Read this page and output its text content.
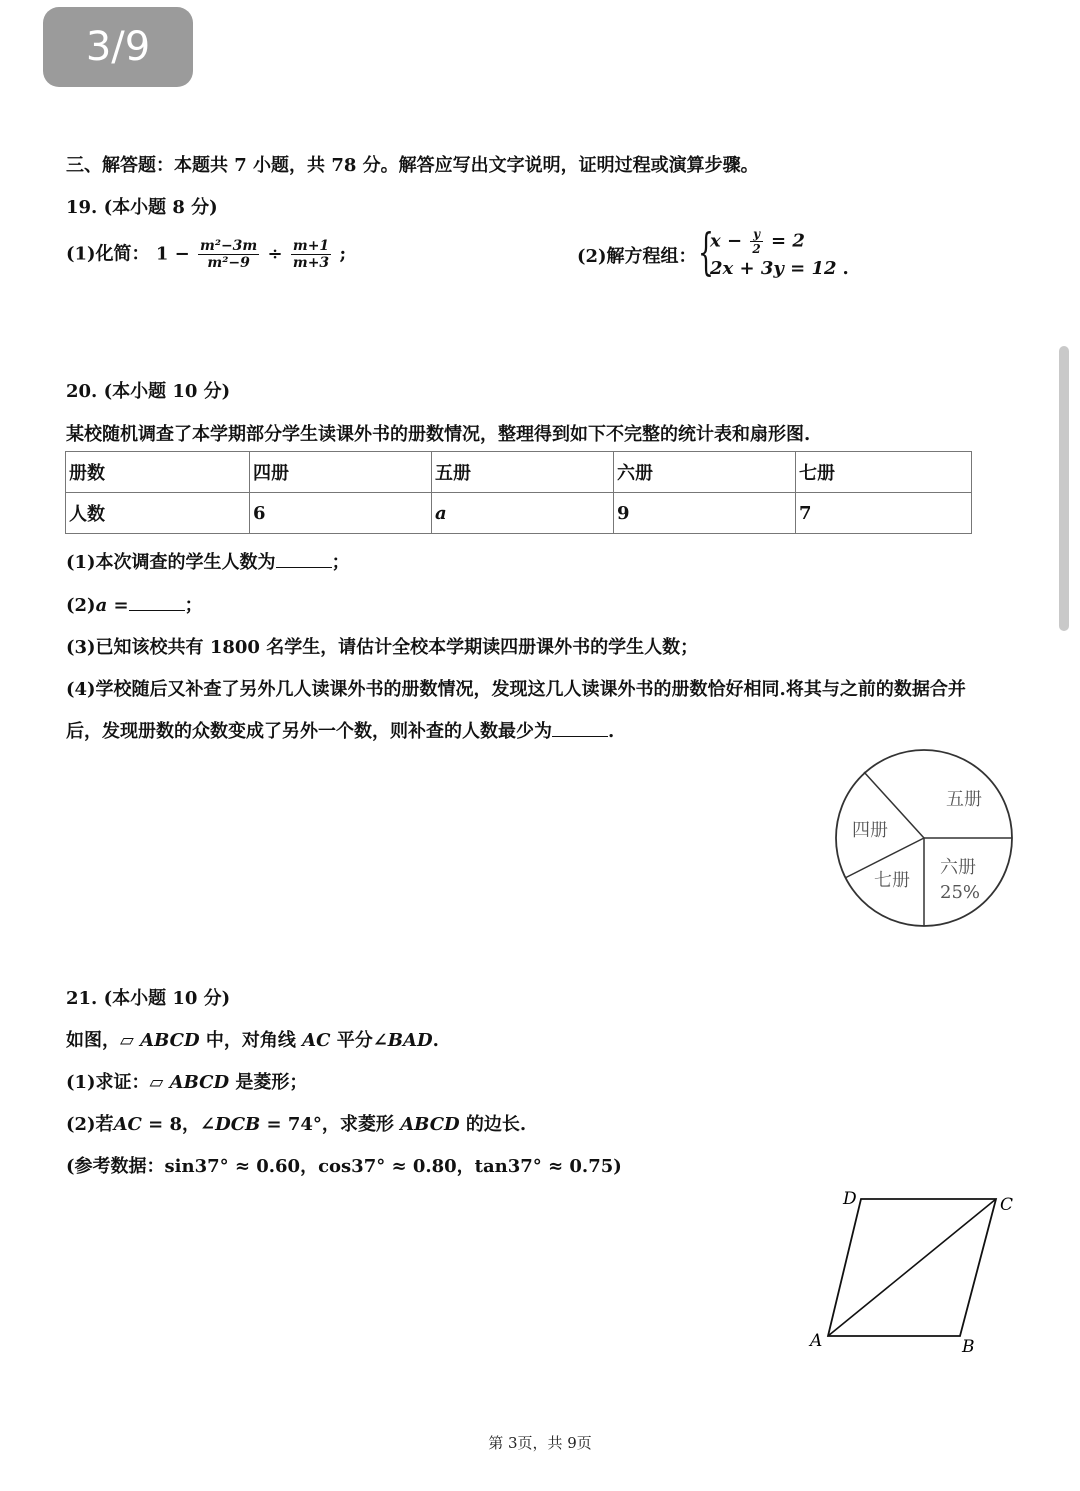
3/9
三、解答题：本题共 7 小题，共 78 分。解答应写出文字说明，证明过程或演算步骤。
19. (本小题 8 分)
(1)化简： $1 - \frac{\text{m²−3m}}{\text{m²−9}} \div \frac{m+1}{m+3}$ ;	(2)解方程组： {
$x - \frac{y}{2} = 2$
2x + 3y = 12 .
20. (本小题 10 分)
某校随机调查了本学期部分学生读课外书的册数情况，整理得到如下不完整的统计表和扇形图.
册数	四册	五册	六册	七册
人数	6	a	9	7
(1)本次调查的学生人数为	；
(2)a =	；
(3)已知该校共有 1800 名学生，请估计全校本学期读四册课外书的学生人数；
(4)学校随后又补查了另外几人读课外书的册数情况，发现这几人读课外书的册数恰好相同.将其与之前的数据合并
后，发现册数的众数变成了另外一个数，则补查的人数最少为	.
五册
四册
七册
六册
25%
21. (本小题 10 分)
如图，▱ ABCD 中，对角线 AC 平分∠BAD.
(1)求证：▱ ABCD 是菱形；
(2)若AC = 8，∠DCB = 74°，求菱形 ABCD 的边长.
(参考数据：sin37° ≈ 0.60，cos37° ≈ 0.80，tan37° ≈ 0.75)
A	B
C
D
第 3页，共 9页
